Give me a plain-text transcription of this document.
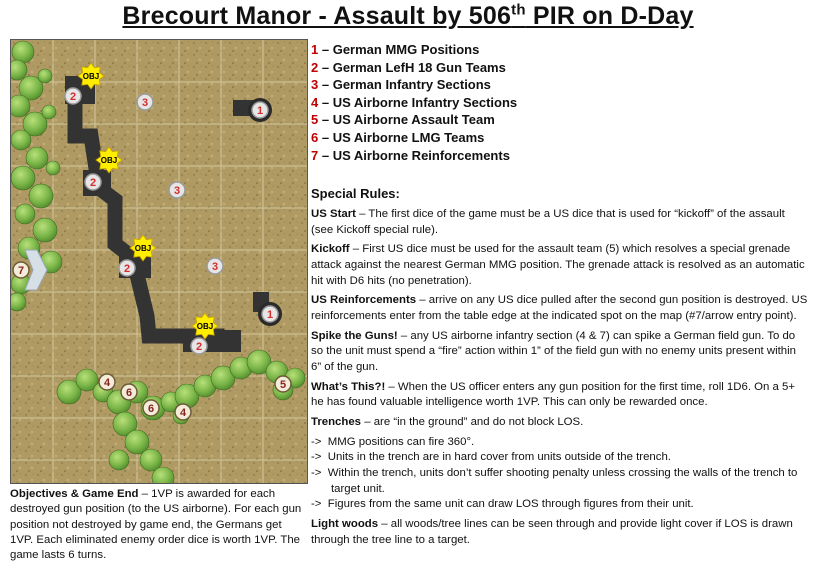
Brecourt Manor - Assault by 506th PIR on D-Day
OBJ
OBJ
OBJ
OBJ
2
2
2
2
3
3
3
1
1
7
4
6
6 4
5
1 – German MMG Positions
2 – German LefH 18 Gun Teams
3 – German Infantry Sections
4 – US Airborne Infantry Sections
5 – US Airborne Assault Team
6 – US Airborne LMG Teams
7 – US Airborne Reinforcements
Special Rules:

US Start – The first dice of the game must be a US dice that is used for “kickoff” of the assault (see Kickoff special rule).

Kickoff – First US dice must be used for the assault team (5) which resolves a special grenade attack against the nearest German MMG position. The grenade attack is resolved as an automatic hit with D6 hits (no penetration).

US Reinforcements – arrive on any US dice pulled after the second gun position is destroyed. US reinforcements enter from the table edge at the indicated spot on the map (#7/arrow entry point).

Spike the Guns! – any US airborne infantry section (4 & 7) can spike a German field gun. To do so the unit must spend a “fire” action within 1” of the field gun with no enemy units present within 6” of the gun.

What’s This?! – When the US officer enters any gun position for the first time, roll 1D6. On a 5+ he has found valuable intelligence worth 1VP. This can only be rewarded once.

Trenches – are “in the ground” and do not block LOS.

-> MMG positions can fire 360°.
-> Units in the trench are in hard cover from units outside of the trench.
-> Within the trench, units don’t suffer shooting penalty unless crossing the walls of the trench to target unit.
-> Figures from the same unit can draw LOS through figures from their unit.

Light woods – all woods/tree lines can be seen through and provide light cover if LOS is drawn through the tree line to a target.

Objectives & Game End – 1VP is awarded for each destroyed gun position (to the US airborne). For each gun position not destroyed by game end, the Germans get 1VP. Each eliminated enemy order dice is worth 1VP. The game lasts 6 turns.
